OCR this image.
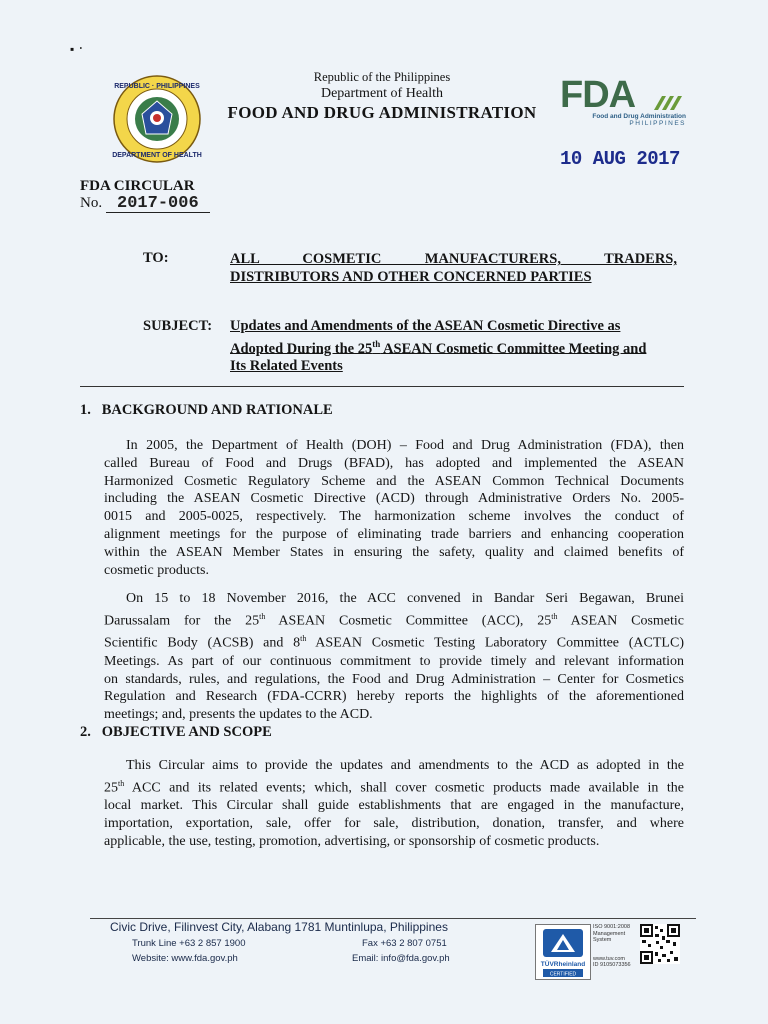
▪ ᛫
REPUBLIC · PHILIPPINES
DEPARTMENT OF HEALTH
Republic of the Philippines
Department of Health
FOOD AND DRUG ADMINISTRATION FDA
Food and Drug Administration
PHILIPPINES
10 AUG 2017
FDA CIRCULAR
No. 2017-006
TO:	ALL COSMETIC MANUFACTURERS, TRADERS,
DISTRIBUTORS AND OTHER CONCERNED PARTIES
SUBJECT: Updates and Amendments of the ASEAN Cosmetic Directive as
Adopted During the 25th ASEAN Cosmetic Committee Meeting and
Its Related Events
1.   BACKGROUND AND RATIONALE
In 2005, the Department of Health (DOH) – Food and Drug Administration (FDA), then
called Bureau of Food and Drugs (BFAD), has adopted and implemented the ASEAN
Harmonized Cosmetic Regulatory Scheme and the ASEAN Common Technical Documents
including the ASEAN Cosmetic Directive (ACD) through Administrative Orders No. 2005-
0015 and 2005-0025, respectively. The harmonization scheme involves the conduct of
alignment meetings for the purpose of eliminating trade barriers and enhancing cooperation
within the ASEAN Member States in ensuring the safety, quality and claimed benefits of
cosmetic products.
On 15 to 18 November 2016, the ACC convened in Bandar Seri Begawan, Brunei
Darussalam for the 25th ASEAN Cosmetic Committee (ACC), 25th ASEAN Cosmetic
Scientific Body (ACSB) and 8th ASEAN Cosmetic Testing Laboratory Committee (ACTLC)
Meetings. As part of our continuous commitment to provide timely and relevant information
on standards, rules, and regulations, the Food and Drug Administration – Center for Cosmetics
Regulation and Research (FDA-CCRR) hereby reports the highlights of the aforementioned
meetings; and, presents the updates to the ACD.
2.   OBJECTIVE AND SCOPE
This Circular aims to provide the updates and amendments to the ACD as adopted in the
25th ACC and its related events; which, shall cover cosmetic products made available in the
local market. This Circular shall guide establishments that are engaged in the manufacture,
importation, exportation, sale, offer for sale, distribution, donation, transfer, and where
applicable, the use, testing, promotion, advertising, or sponsorship of cosmetic products.
Civic Drive, Filinvest City, Alabang 1781 Muntinlupa, Philippines
Trunk Line +63 2 857 1900
Website: www.fda.gov.ph
Fax +63 2 807 0751
Email: info@fda.gov.ph
TÜVRheinland
CERTIFIED
ISO 9001:2008
Management System
www.tuv.com
ID 9105073356
